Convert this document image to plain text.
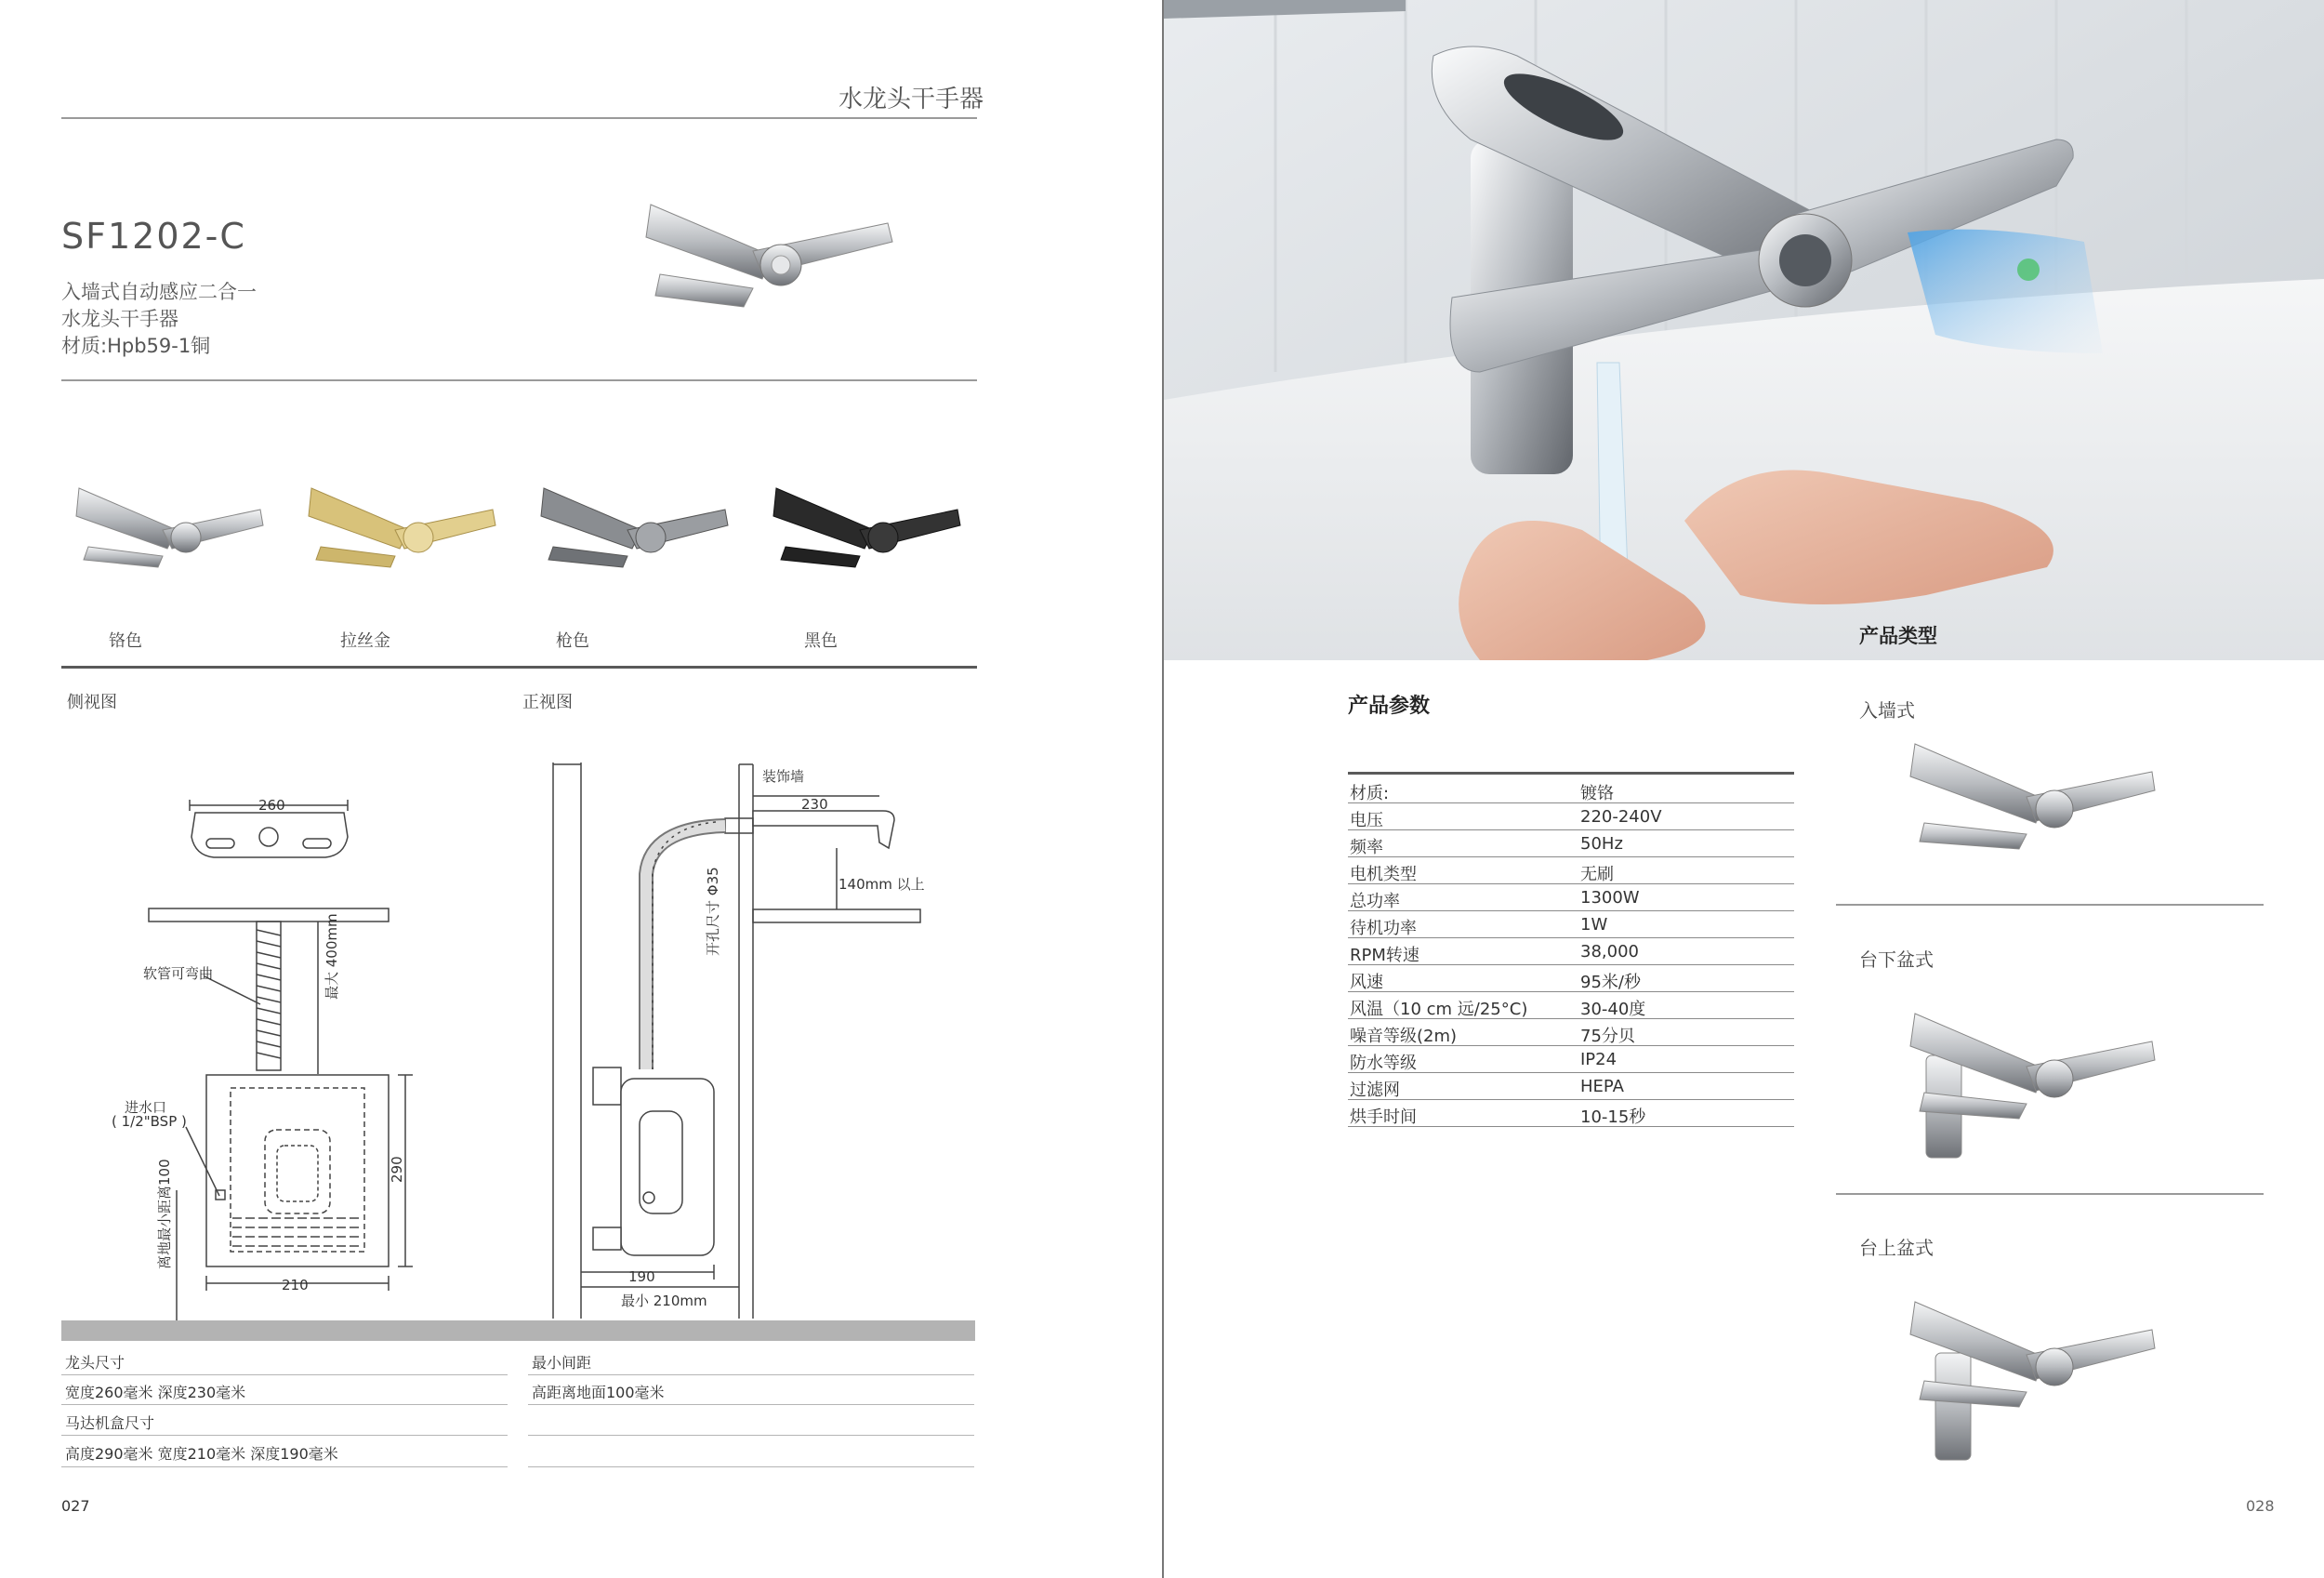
水龙头干手器
SF1202-C
入墙式自动感应二合一
水龙头干手器
材质:Hpb59-1铜
铬色	拉丝金	枪色	黑色
侧视图	正视图
260
软管可弯曲	最大 400mm
进水口
( 1/2"BSP )
离地最小距离100	290
210
装饰墙
230
140mm 以上
开孔尺寸 Φ35
190
最小 210mm
龙头尺寸	最小间距
宽度260毫米 深度230毫米	高距离地面100毫米
马达机盒尺寸
高度290毫米 宽度210毫米 深度190毫米
027
产品类型
产品参数
材质:	镀铬
电压	220-240V
频率	50Hz
电机类型	无刷
总功率	1300W
待机功率	1W
RPM转速	38,000
风速	95米/秒
风温（10 cm 远/25°C)	30-40度
噪音等级(2m)	75分贝
防水等级	IP24
过滤网	HEPA
烘手时间	10-15秒
入墙式
台下盆式
台上盆式
028
